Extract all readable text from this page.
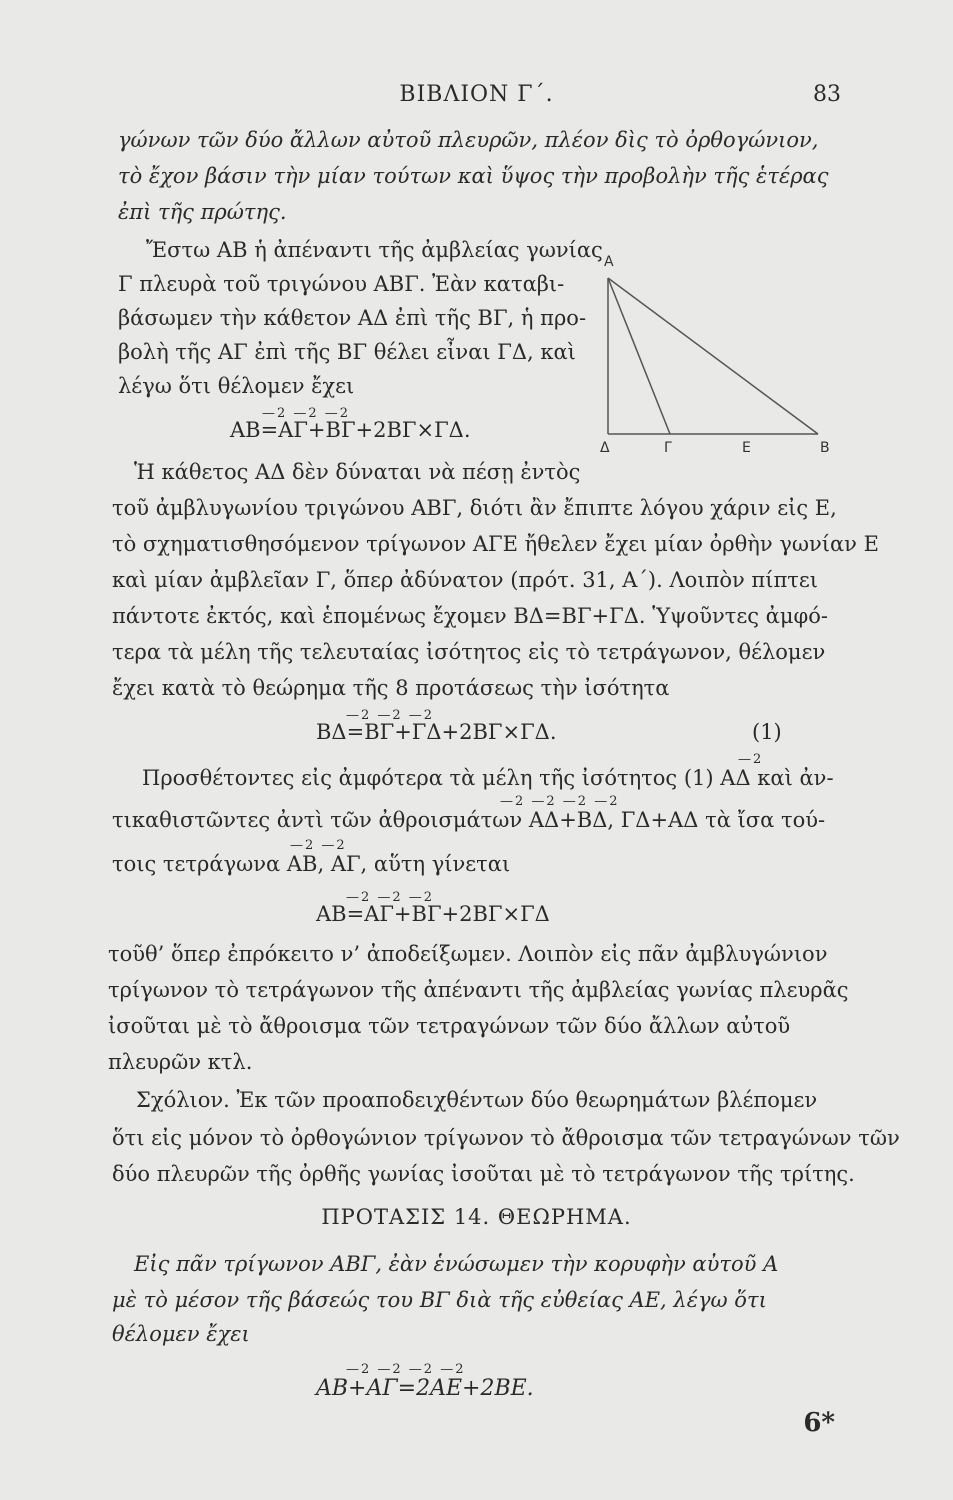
ΒΙΒΛΙΟΝ Γ΄.	83
γώνων τῶν δύο ἄλλων αὐτοῦ πλευρῶν, πλέον δὶς τὸ ὀρθογώνιον,
τὸ ἔχον βάσιν τὴν μίαν τούτων καὶ ὕψος τὴν προβολὴν τῆς ἑτέρας
ἐπὶ τῆς πρώτης.
Ἔστω ΑΒ ἡ ἀπέναντι τῆς ἀμβλείας γωνίας
Γ πλευρὰ τοῦ τριγώνου ΑΒΓ. Ἐὰν καταβι-
βάσωμεν τὴν κάθετον ΑΔ ἐπὶ τῆς ΒΓ, ἡ προ-
βολὴ τῆς ΑΓ ἐπὶ τῆς ΒΓ θέλει εἶναι ΓΔ, καὶ
λέγω ὅτι θέλομεν ἔχει
—2 —2 —2
ΑΒ=ΑΓ+ΒΓ+2ΒΓ×ΓΔ.
Α
Δ	Γ	Ε	Β
Ἡ κάθετος ΑΔ δὲν δύναται νὰ πέσῃ ἐντὸς
τοῦ ἀμβλυγωνίου τριγώνου ΑΒΓ, διότι ἂν ἔπιπτε λόγου χάριν εἰς Ε,
τὸ σχηματισθησόμενον τρίγωνον ΑΓΕ ἤθελεν ἔχει μίαν ὀρθὴν γωνίαν Ε
καὶ μίαν ἀμβλεῖαν Γ, ὅπερ ἀδύνατον (πρότ. 31, Α΄). Λοιπὸν πίπτει
πάντοτε ἐκτός, καὶ ἑπομένως ἔχομεν ΒΔ=ΒΓ+ΓΔ. Ὑψοῦντες ἀμφό-
τερα τὰ μέλη τῆς τελευταίας ἰσότητος εἰς τὸ τετράγωνον, θέλομεν
ἔχει κατὰ τὸ θεώρημα τῆς 8 προτάσεως τὴν ἰσότητα
—2 —2 —2
ΒΔ=ΒΓ+ΓΔ+2ΒΓ×ΓΔ.	(1)
—2
Προσθέτοντες εἰς ἀμφότερα τὰ μέλη τῆς ἰσότητος (1) ΑΔ καὶ ἀν-
—2 —2 —2 —2
τικαθιστῶντες ἀντὶ τῶν ἀθροισμάτων ΑΔ+ΒΔ, ΓΔ+ΑΔ τὰ ἴσα τού-
—2 —2
τοις τετράγωνα ΑΒ, ΑΓ, αὕτη γίνεται
—2 —2 —2
ΑΒ=ΑΓ+ΒΓ+2ΒΓ×ΓΔ
τοῦθ’ ὅπερ ἐπρόκειτο ν’ ἀποδείξωμεν. Λοιπὸν εἰς πᾶν ἀμβλυγώνιον
τρίγωνον τὸ τετράγωνον τῆς ἀπέναντι τῆς ἀμβλείας γωνίας πλευρᾶς
ἰσοῦται μὲ τὸ ἄθροισμα τῶν τετραγώνων τῶν δύο ἄλλων αὐτοῦ
πλευρῶν κτλ.
Σχόλιον. Ἐκ τῶν προαποδειχθέντων δύο θεωρημάτων βλέπομεν
ὅτι εἰς μόνον τὸ ὀρθογώνιον τρίγωνον τὸ ἄθροισμα τῶν τετραγώνων τῶν
δύο πλευρῶν τῆς ὀρθῆς γωνίας ἰσοῦται μὲ τὸ τετράγωνον τῆς τρίτης.
ΠΡΟΤΑΣΙΣ 14. ΘΕΩΡΗΜΑ.
Εἰς πᾶν τρίγωνον ΑΒΓ, ἐὰν ἑνώσωμεν τὴν κορυφὴν αὐτοῦ Α
μὲ τὸ μέσον τῆς βάσεώς του ΒΓ διὰ τῆς εὐθείας ΑΕ, λέγω ὅτι
θέλομεν ἔχει
—2 —2 —2 —2
ΑΒ+ΑΓ=2ΑΕ+2ΒΕ.
6*
